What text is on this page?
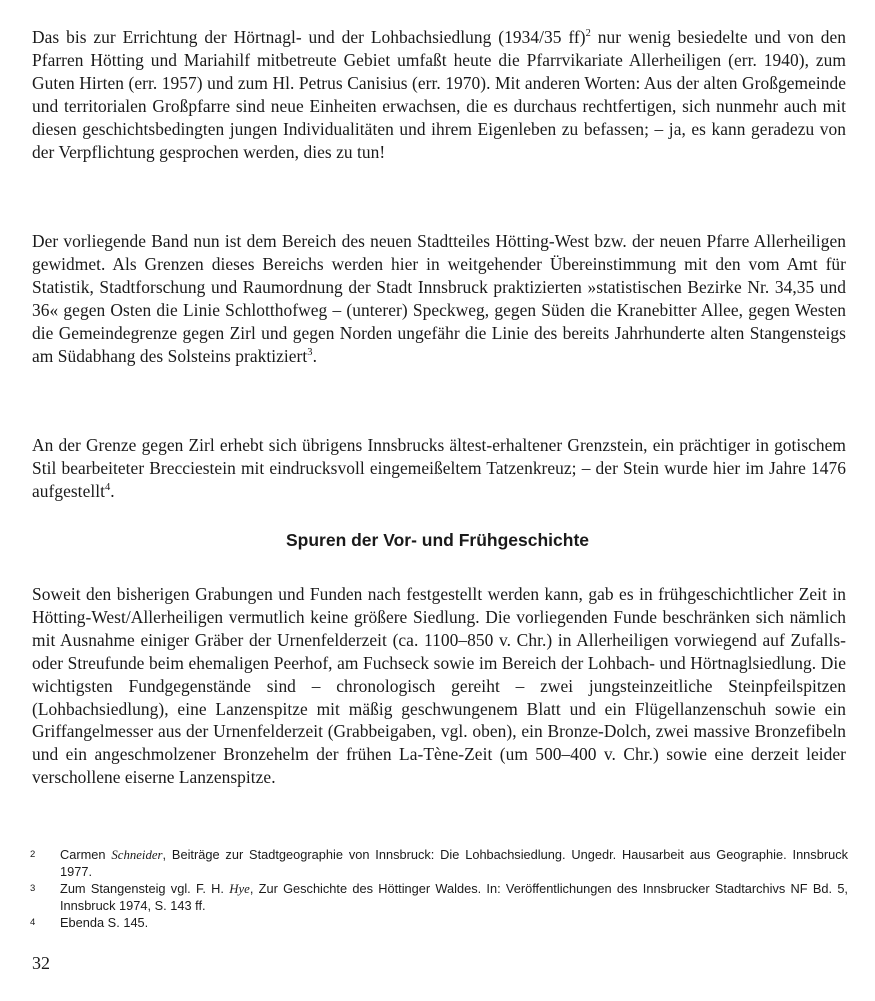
Das bis zur Errichtung der Hörtnagl- und der Lohbachsiedlung (1934/35 ff)$^2$ nur wenig besiedelte und von den Pfarren Hötting und Mariahilf mitbetreute Gebiet umfaßt heute die Pfarrvikariate Allerheiligen (err. 1940), zum Guten Hirten (err. 1957) und zum Hl. Petrus Canisius (err. 1970). Mit anderen Worten: Aus der alten Großgemeinde und territorialen Großpfarre sind neue Einheiten erwachsen, die es durchaus rechtfertigen, sich nunmehr auch mit diesen geschichtsbedingten jungen Individualitäten und ihrem Eigenleben zu befassen; – ja, es kann geradezu von der Verpflichtung gesprochen werden, dies zu tun!

Der vorliegende Band nun ist dem Bereich des neuen Stadtteiles Hötting-West bzw. der neuen Pfarre Allerheiligen gewidmet. Als Grenzen dieses Bereichs werden hier in weitgehender Übereinstimmung mit den vom Amt für Statistik, Stadtforschung und Raumordnung der Stadt Innsbruck praktizierten »statistischen Bezirke Nr. 34,35 und 36« gegen Osten die Linie Schlotthofweg – (unterer) Speckweg, gegen Süden die Kranebitter Allee, gegen Westen die Gemeindegrenze gegen Zirl und gegen Norden ungefähr die Linie des bereits Jahrhunderte alten Stangensteigs am Südabhang des Solsteins praktiziert$^3$.

An der Grenze gegen Zirl erhebt sich übrigens Innsbrucks ältest-erhaltener Grenzstein, ein prächtiger in gotischem Stil bearbeiteter Brecciestein mit eindrucksvoll eingemeißeltem Tatzenkreuz; – der Stein wurde hier im Jahre 1476 aufgestellt$^4$.

Spuren der Vor- und Frühgeschichte

Soweit den bisherigen Grabungen und Funden nach festgestellt werden kann, gab es in frühgeschichtlicher Zeit in Hötting-West/Allerheiligen vermutlich keine größere Siedlung. Die vorliegenden Funde beschränken sich nämlich mit Ausnahme einiger Gräber der Urnenfelderzeit (ca. 1100–850 v. Chr.) in Allerheiligen vorwiegend auf Zufalls- oder Streufunde beim ehemaligen Peerhof, am Fuchseck sowie im Bereich der Lohbach- und Hörtnaglsiedlung. Die wichtigsten Fundgegenstände sind – chronologisch gereiht – zwei jungsteinzeitliche Steinpfeilspitzen (Lohbachsiedlung), eine Lanzenspitze mit mäßig geschwungenem Blatt und ein Flügellanzenschuh sowie ein Griffangelmesser aus der Urnenfelderzeit (Grabbeigaben, vgl. oben), ein Bronze-Dolch, zwei massive Bronzefibeln und ein angeschmolzener Bronzehelm der frühen La-Tène-Zeit (um 500–400 v. Chr.) sowie eine derzeit leider verschollene eiserne Lanzenspitze.

2	Carmen Schneider, Beiträge zur Stadtgeographie von Innsbruck: Die Lohbachsiedlung. Ungedr. Hausarbeit aus Geographie. Innsbruck 1977.
3	Zum Stangensteig vgl. F. H. Hye, Zur Geschichte des Höttinger Waldes. In: Veröffentlichungen des Innsbrucker Stadtarchivs NF Bd. 5, Innsbruck 1974, S. 143 ff.
4	Ebenda S. 145.
32
